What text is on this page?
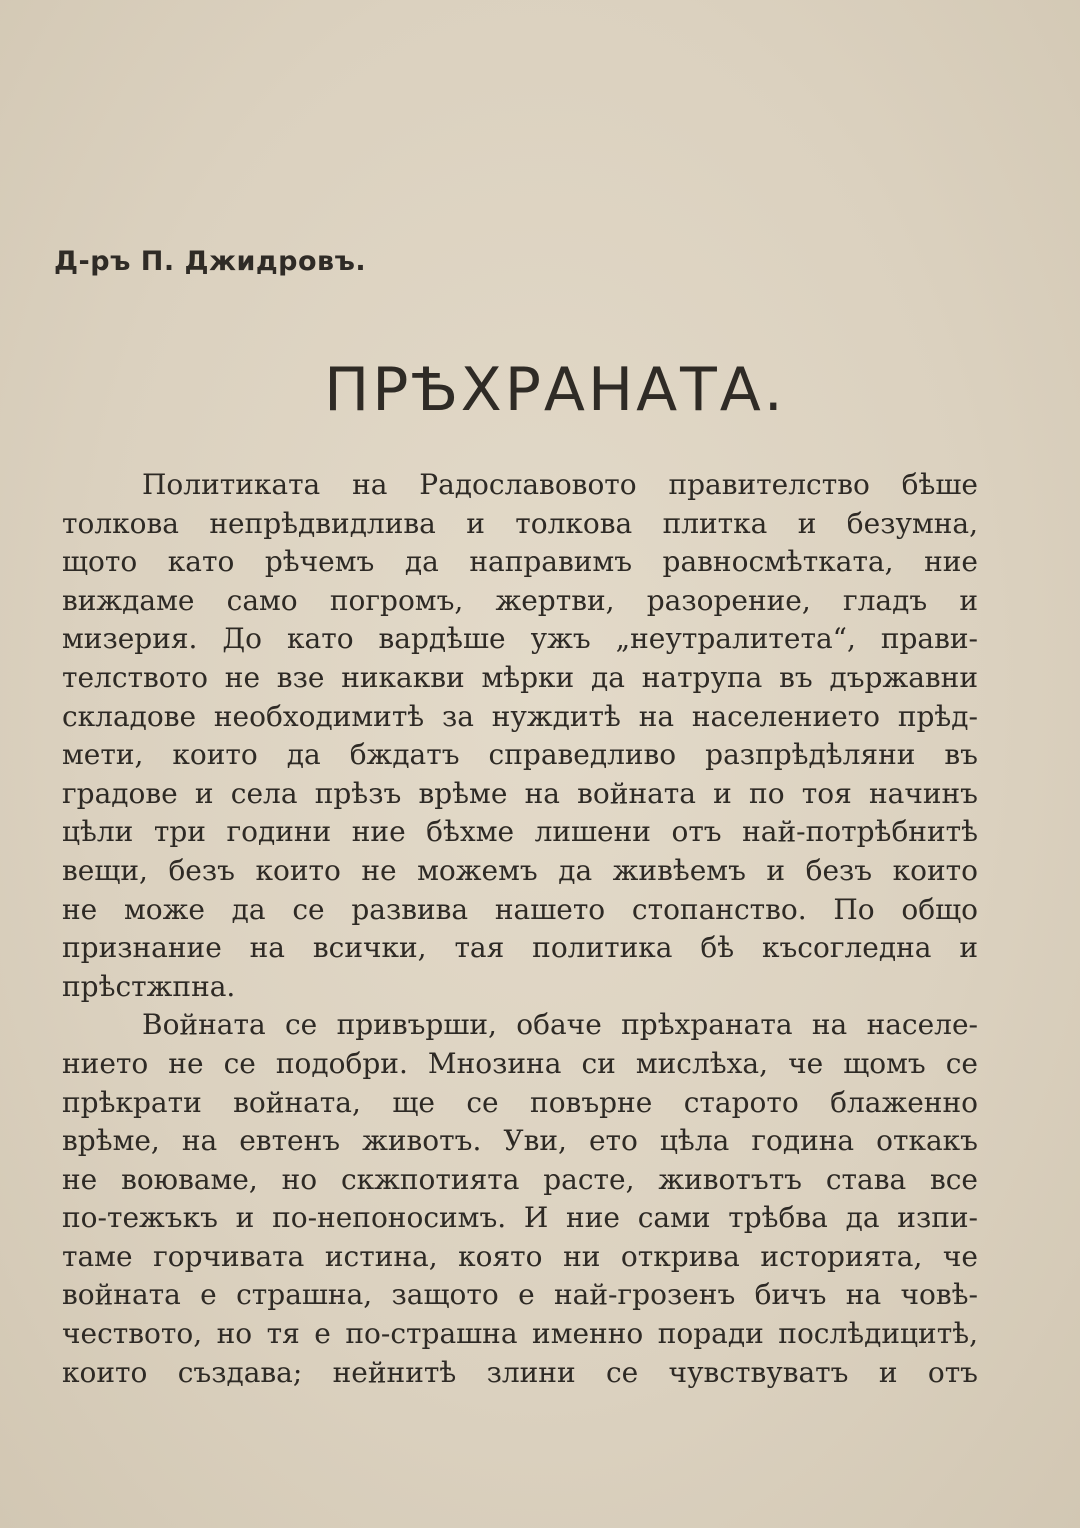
Д-ръ П. Джидровъ.
ПРѢХРАНАТА.
Политиката на Радославовото правителство бѣше
толкова непрѣдвидлива и толкова плитка и безумна,
щото като рѣчемъ да направимъ равносмѣтката, ние
виждаме само погромъ, жертви, разорение, гладъ и
мизерия. До като вардѣше ужъ „неутралитета“, прави-
телството не взе никакви мѣрки да натрупа въ държавни
складове необходимитѣ за нуждитѣ на населението прѣд-
мети, които да бждатъ справедливо разпрѣдѣляни въ
градове и села прѣзъ врѣме на войната и по тоя начинъ
цѣли три години ние бѣхме лишени отъ най-потрѣбнитѣ
вещи, безъ които не можемъ да живѣемъ и безъ които
не може да се развива нашето стопанство. По общо
признание на всички, тая политика бѣ късогледна и
прѣстжпна.
Войната се привърши, обаче прѣхраната на населе-
нието не се подобри. Мнозина си мислѣха, че щомъ се
прѣкрати войната, ще се повърне старото блаженно
врѣме, на евтенъ животъ. Уви, ето цѣла година откакъ
не воюваме, но скжпотията расте, животътъ става все
по-тежъкъ и по-непоносимъ. И ние сами трѣбва да изпи-
таме горчивата истина, която ни открива историята, че
войната е страшна, защото е най-грозенъ бичъ на човѣ-
чеството, но тя е по-страшна именно поради послѣдицитѣ,
които създава; нейнитѣ злини се чувствуватъ и отъ
